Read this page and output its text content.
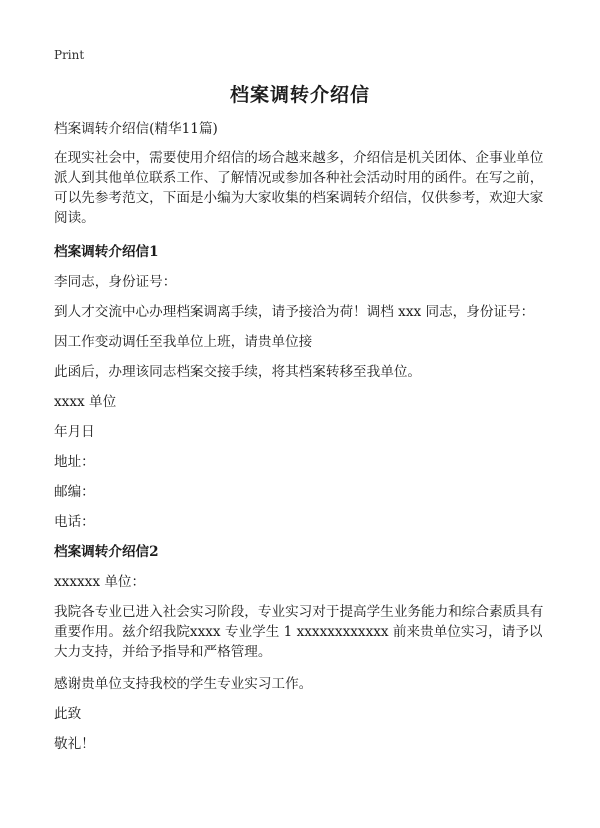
Print
档案调转介绍信

档案调转介绍信(精华11篇)

在现实社会中，需要使用介绍信的场合越来越多，介绍信是机关团体、企事业单位派人到其他单位联系工作、了解情况或参加各种社会活动时用的函件。在写之前，可以先参考范文，下面是小编为大家收集的档案调转介绍信，仅供参考，欢迎大家阅读。

档案调转介绍信1

李同志，身份证号：

到人才交流中心办理档案调离手续，请予接洽为荷！调档 xxx 同志，身份证号：

因工作变动调任至我单位上班，请贵单位接

此函后，办理该同志档案交接手续，将其档案转移至我单位。

xxxx 单位

年月日

地址：

邮编：

电话：

档案调转介绍信2

xxxxxx 单位：

我院各专业已进入社会实习阶段，专业实习对于提高学生业务能力和综合素质具有重要作用。兹介绍我院xxxx 专业学生 1 xxxxxxxxxxxx 前来贵单位实习，请予以大力支持，并给予指导和严格管理。

感谢贵单位支持我校的学生专业实习工作。

此致

敬礼！
